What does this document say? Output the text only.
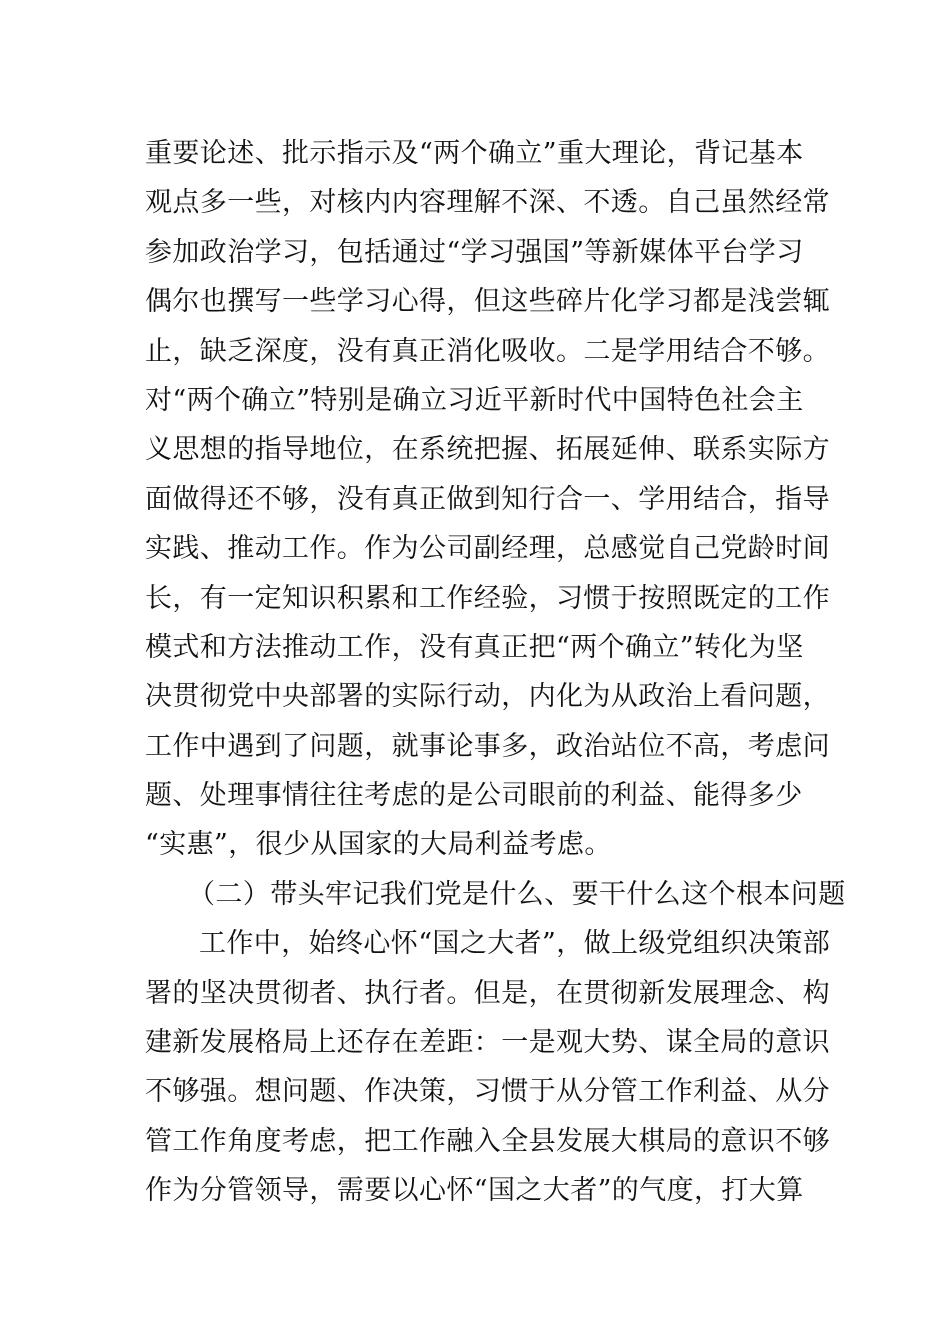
重要论述、批示指示及“两个确立”重大理论，背记基本
观点多一些，对核内内容理解不深、不透。自己虽然经常
参加政治学习，包括通过“学习强国”等新媒体平台学习
偶尔也撰写一些学习心得，但这些碎片化学习都是浅尝辄
止，缺乏深度，没有真正消化吸收。二是学用结合不够。
对“两个确立”特别是确立习近平新时代中国特色社会主
义思想的指导地位，在系统把握、拓展延伸、联系实际方
面做得还不够，没有真正做到知行合一、学用结合，指导
实践、推动工作。作为公司副经理，总感觉自己党龄时间
长，有一定知识积累和工作经验，习惯于按照既定的工作
模式和方法推动工作，没有真正把“两个确立”转化为坚
决贯彻党中央部署的实际行动，内化为从政治上看问题，
工作中遇到了问题，就事论事多，政治站位不高，考虑问
题、处理事情往往考虑的是公司眼前的利益、能得多少
“实惠”，很少从国家的大局利益考虑。
（二）带头牢记我们党是什么、要干什么这个根本问题
工作中，始终心怀“国之大者”，做上级党组织决策部
署的坚决贯彻者、执行者。但是，在贯彻新发展理念、构
建新发展格局上还存在差距：一是观大势、谋全局的意识
不够强。想问题、作决策，习惯于从分管工作利益、从分
管工作角度考虑，把工作融入全县发展大棋局的意识不够
作为分管领导，需要以心怀“国之大者”的气度，打大算
